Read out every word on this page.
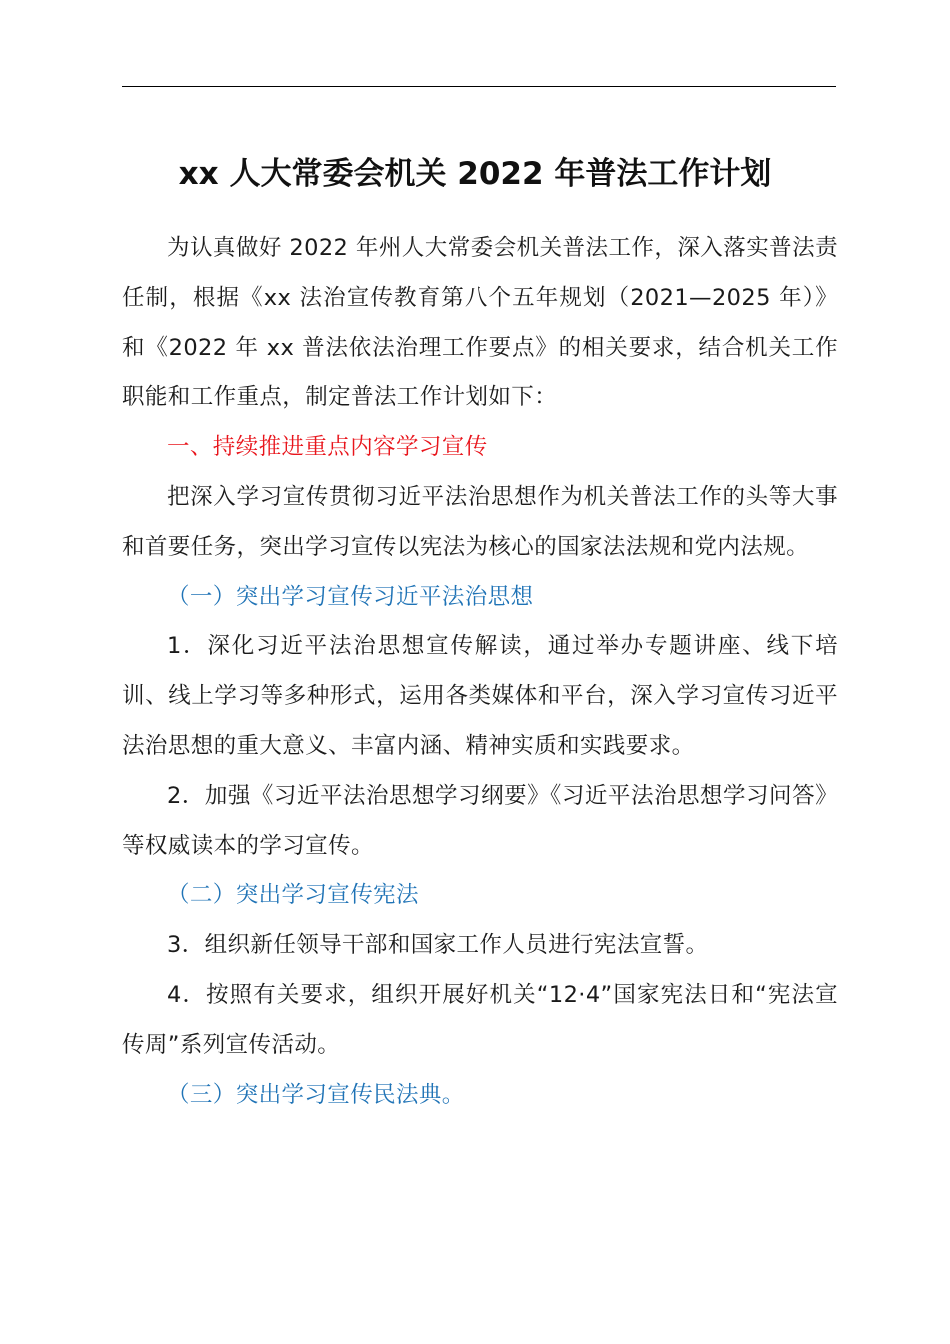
xx 人大常委会机关 2022 年普法工作计划

为认真做好 2022 年州人大常委会机关普法工作，深入落实普法责任制，根据《xx 法治宣传教育第八个五年规划（2021—2025 年）》和《2022 年 xx 普法依法治理工作要点》的相关要求，结合机关工作职能和工作重点，制定普法工作计划如下：

一、持续推进重点内容学习宣传

把深入学习宣传贯彻习近平法治思想作为机关普法工作的头等大事和首要任务，突出学习宣传以宪法为核心的国家法法规和党内法规。

（一）突出学习宣传习近平法治思想

1．深化习近平法治思想宣传解读，通过举办专题讲座、线下培训、线上学习等多种形式，运用各类媒体和平台，深入学习宣传习近平法治思想的重大意义、丰富内涵、精神实质和实践要求。

2．加强《习近平法治思想学习纲要》《习近平法治思想学习问答》等权威读本的学习宣传。

（二）突出学习宣传宪法

3．组织新任领导干部和国家工作人员进行宪法宣誓。

4．按照有关要求，组织开展好机关“12·4”国家宪法日和“宪法宣传周”系列宣传活动。

（三）突出学习宣传民法典。
